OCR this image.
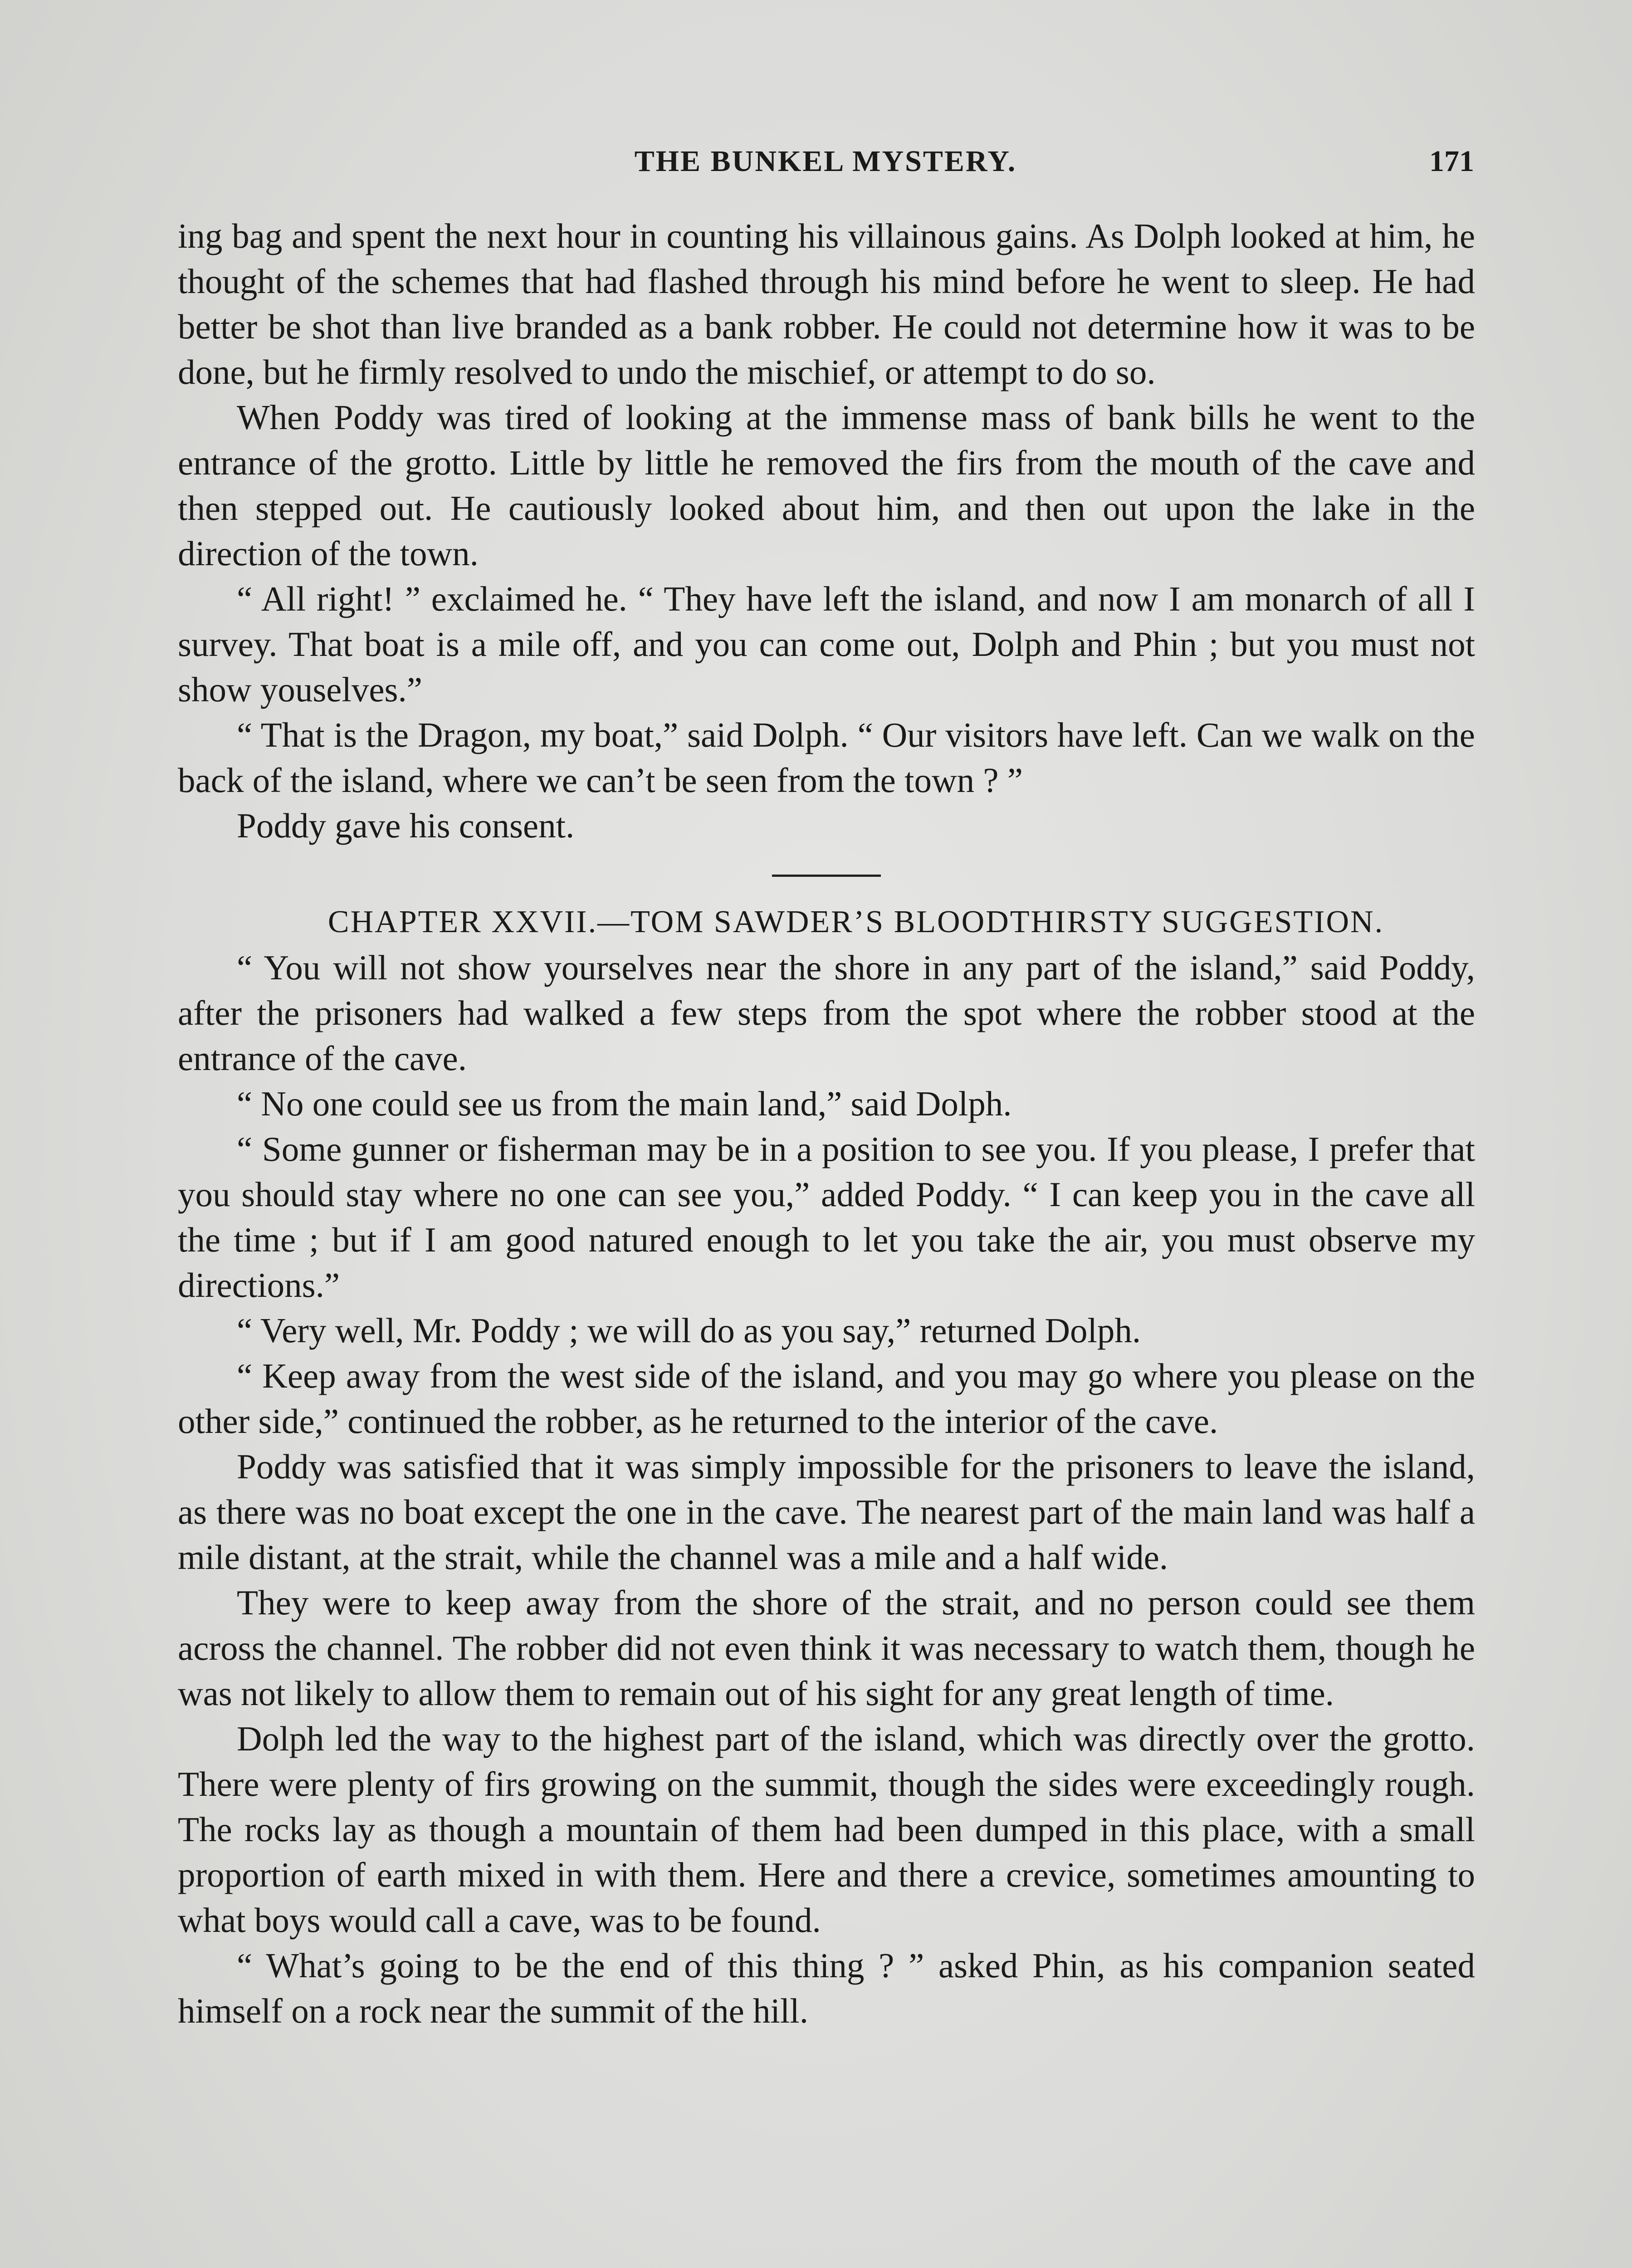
THE BUNKEL MYSTERY.	171

ing bag and spent the next hour in counting his villainous gains. As Dolph looked at him, he thought of the schemes that had flashed through his mind before he went to sleep. He had better be shot than live branded as a bank robber. He could not determine how it was to be done, but he firmly resolved to undo the mischief, or attempt to do so.

When Poddy was tired of looking at the immense mass of bank bills he went to the entrance of the grotto. Little by little he removed the firs from the mouth of the cave and then stepped out. He cautiously looked about him, and then out upon the lake in the direction of the town.

“ All right! ” exclaimed he. “ They have left the island, and now I am monarch of all I survey. That boat is a mile off, and you can come out, Dolph and Phin ; but you must not show youselves.”

“ That is the Dragon, my boat,” said Dolph. “ Our visitors have left. Can we walk on the back of the island, where we can’t be seen from the town ? ”

Poddy gave his consent.

CHAPTER XXVII.—TOM SAWDER’S BLOODTHIRSTY SUGGESTION.

“ You will not show yourselves near the shore in any part of the island,” said Poddy, after the prisoners had walked a few steps from the spot where the robber stood at the entrance of the cave.

“ No one could see us from the main land,” said Dolph.

“ Some gunner or fisherman may be in a position to see you. If you please, I prefer that you should stay where no one can see you,” added Poddy. “ I can keep you in the cave all the time ; but if I am good natured enough to let you take the air, you must observe my directions.”

“ Very well, Mr. Poddy ; we will do as you say,” returned Dolph.

“ Keep away from the west side of the island, and you may go where you please on the other side,” continued the robber, as he returned to the interior of the cave.

Poddy was satisfied that it was simply impossible for the prisoners to leave the island, as there was no boat except the one in the cave. The nearest part of the main land was half a mile distant, at the strait, while the channel was a mile and a half wide.

They were to keep away from the shore of the strait, and no person could see them across the channel. The robber did not even think it was necessary to watch them, though he was not likely to allow them to remain out of his sight for any great length of time.

Dolph led the way to the highest part of the island, which was directly over the grotto. There were plenty of firs growing on the summit, though the sides were exceedingly rough. The rocks lay as though a mountain of them had been dumped in this place, with a small proportion of earth mixed in with them. Here and there a crevice, sometimes amounting to what boys would call a cave, was to be found.

“ What’s going to be the end of this thing ? ” asked Phin, as his companion seated himself on a rock near the summit of the hill.
